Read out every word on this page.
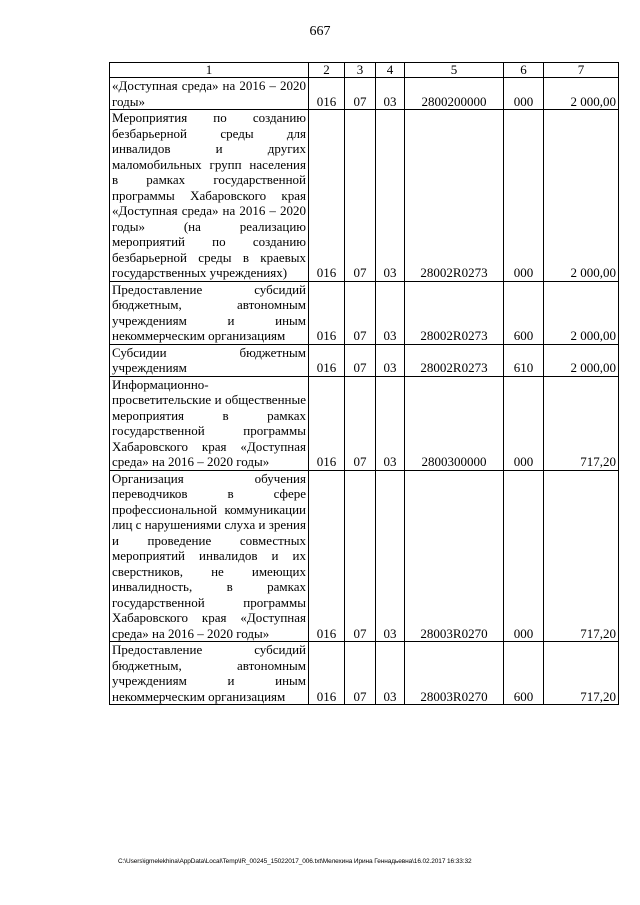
667
1	2	3	4	5	6	7
«Доступная среда» на 2016 – 2020 годы»	016	07	03	2800200000	000	2 000,00
Мероприятия по созданию безбарьерной среды для инвалидов и других маломобильных групп населения в рамках государственной программы Хабаровского края «Доступная среда» на 2016 – 2020 годы» (на реализацию мероприятий по созданию безбарьерной среды в краевых государственных учреждениях)	016	07	03	28002R0273	000	2 000,00
Предоставление субсидий бюджетным, автономным учреждениям и иным некоммерческим организациям	016	07	03	28002R0273	600	2 000,00
Субсидии бюджетным учреждениям	016	07	03	28002R0273	610	2 000,00
Информационно-просветительские и общественные мероприятия в рамках государственной программы Хабаровского края «Доступная среда» на 2016 – 2020 годы»	016	07	03	2800300000	000	717,20
Организация обучения переводчиков в сфере профессиональной коммуникации лиц с нарушениями слуха и зрения и проведение совместных мероприятий инвалидов и их сверстников, не имеющих инвалидность, в рамках государственной программы Хабаровского края «Доступная среда» на 2016 – 2020 годы»	016	07	03	28003R0270	000	717,20
Предоставление субсидий бюджетным, автономным учреждениям и иным некоммерческим организациям	016	07	03	28003R0270	600	717,20
C:\Users\igmelekhina\AppData\Local\Temp\IR_00245_15022017_006.txt\Мелехина Ирина Геннадьевна\16.02.2017 16:33:32
